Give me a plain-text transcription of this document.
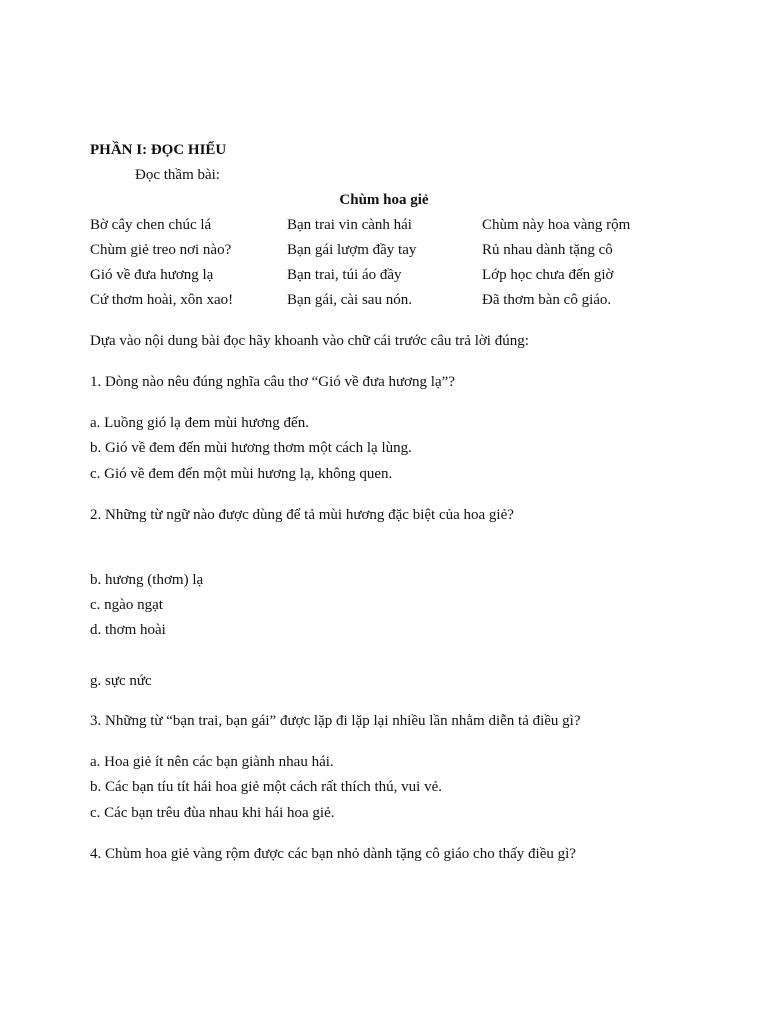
PHẦN I: ĐỌC HIỂU
Đọc thầm bài:
Chùm hoa giẻ
Bờ cây chen chúc lá	Bạn trai vin cành hái	Chùm này hoa vàng rộm
Chùm giẻ treo nơi nào?	Bạn gái lượm đầy tay	Rủ nhau dành tặng cô
Gió về đưa hương lạ	Bạn trai, túi áo đầy	Lớp học chưa đến giờ
Cứ thơm hoài, xôn xao!	Bạn gái, cài sau nón.	Đã thơm bàn cô giáo.
Dựa vào nội dung bài đọc hãy khoanh vào chữ cái trước câu trả lời đúng:
1. Dòng nào nêu đúng nghĩa câu thơ “Gió về đưa hương lạ”?
a. Luồng gió lạ đem mùi hương đến.
b. Gió về đem đến mùi hương thơm một cách lạ lùng.
c. Gió về đem đến một mùi hương lạ, không quen.
2. Những từ ngữ nào được dùng để tả mùi hương đặc biệt của hoa giẻ?
b. hương (thơm) lạ
c. ngào ngạt
d. thơm hoài
g. sực nức
3. Những từ “bạn trai, bạn gái” được lặp đi lặp lại nhiều lần nhằm diễn tả điều gì?
a. Hoa giẻ ít nên các bạn giành nhau hái.
b. Các bạn tíu tít hái hoa giẻ một cách rất thích thú, vui vẻ.
c. Các bạn trêu đùa nhau khi hái hoa giẻ.
4. Chùm hoa giẻ vàng rộm được các bạn nhỏ dành tặng cô giáo cho thấy điều gì?
